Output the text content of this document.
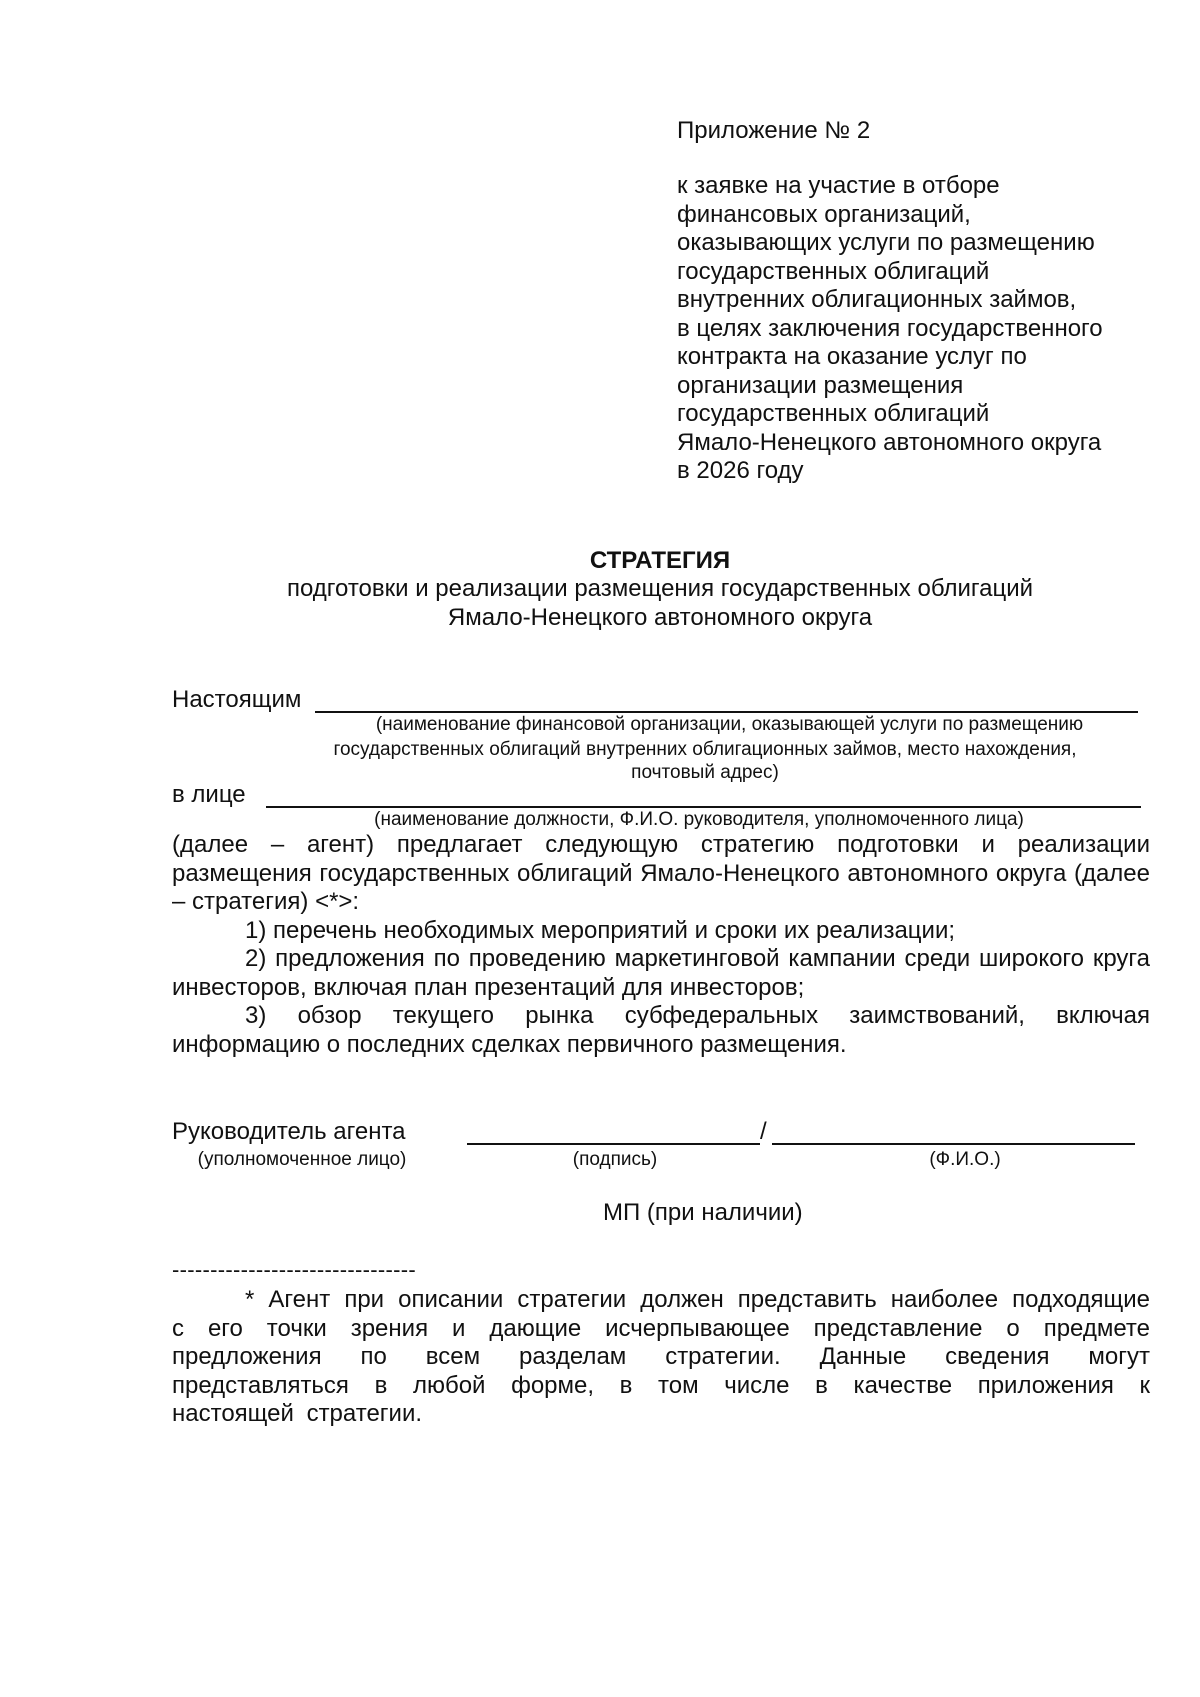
Приложение № 2
к заявке на участие в отборе
финансовых организаций,
оказывающих услуги по размещению
государственных облигаций
внутренних облигационных займов,
в целях заключения государственного
контракта на оказание услуг по
организации размещения
государственных облигаций
Ямало-Ненецкого автономного округа
в 2026 году
СТРАТЕГИЯ
подготовки и реализации размещения государственных облигаций
Ямало-Ненецкого автономного округа
Настоящим
(наименование финансовой организации, оказывающей услуги по размещению
государственных облигаций внутренних облигационных займов, место нахождения,
почтовый адрес)
в лице
(наименование должности, Ф.И.О. руководителя, уполномоченного лица)

(далее – агент) предлагает следующую стратегию подготовки и реализации размещения государственных облигаций Ямало-Ненецкого автономного округа (далее – стратегия) <*>:

1) перечень необходимых мероприятий и сроки их реализации;

2) предложения по проведению маркетинговой кампании среди широкого круга инвесторов, включая план презентаций для инвесторов;

3) обзор текущего рынка субфедеральных заимствований, включая информацию о последних сделках первичного размещения.

Руководитель агента	/
(уполномоченное лицо)	(подпись)	(Ф.И.О.)
МП (при наличии)
--------------------------------
* Агент при описании стратегии должен представить наиболее подходящие с его точки зрения и дающие исчерпывающее представление о предмете предложения по всем разделам стратегии. Данные сведения могут представляться в любой форме, в том числе в качестве приложения к настоящей стратегии.
